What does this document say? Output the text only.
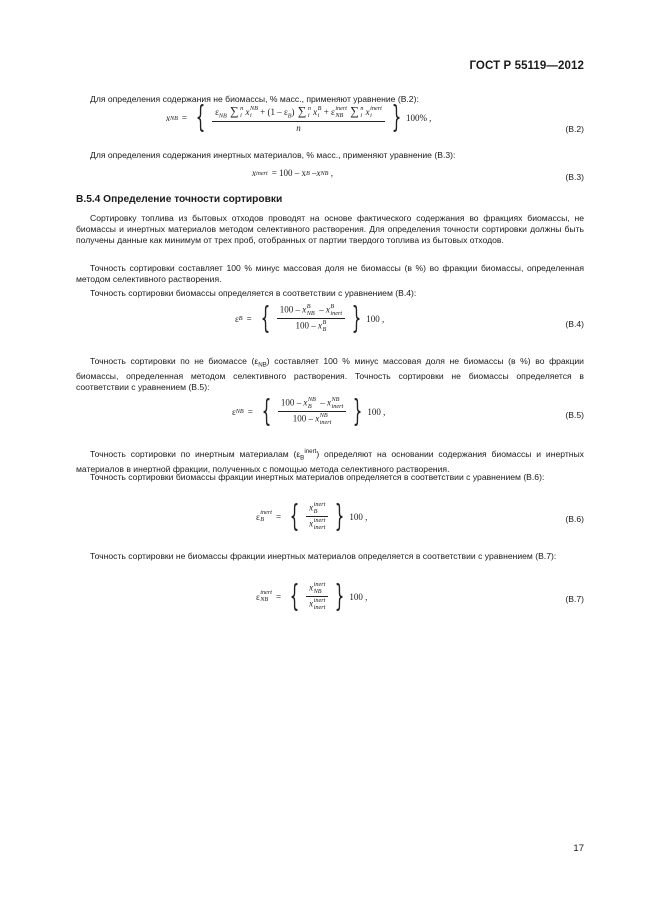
ГОСТ Р 55119—2012

Для определения содержания не биомассы, % масс., применяют уравнение (В.2):

x NB = {	$\varepsilon_{NB}$ ∑ n
i x NB
$i + (1 - \varepsilon_B)$ ∑ n
i x B
i + ε inert
NB ∑ n
i x inert
i
n	} 100% ,
(В.2)

Для определения содержания инертных материалов, % масс., применяют уравнение (В.3):

x inert = 100 – x B – x NB
,	(В.3)
В.5.4 Определение точности сортировки

Сортировку топлива из бытовых отходов проводят на основе фактического содержания во фракциях биомассы, не биомассы и инертных материалов методом селективного растворения. Для определения точности сортировки должны быть получены данные как минимум от трех проб, отобранных от партии твердого топлива из бытовых отходов.

Точность сортировки составляет 100 % минус массовая доля не биомассы (в %) во фракции биомассы, определенная методом селективного растворения.

Точность сортировки биомассы определяется в соответствии с уравнением (В.4):

ε B = { 100 – x B
NB – x B
inert
100 – x B
B } 100 ,
(В.4)

Точность сортировки по не биомассе $(\varepsilon_{NB})$ составляет 100 % минус массовая доля не биомассы (в %) во фракции биомассы, определенная методом селективного растворения. Точность сортировки не биомассы определяется в соответствии с уравнением (В.5):

ε NB = { 100 – x NB
B – x NB
inert
100 – x NB
inert } 100 ,	(В.5)

Точность сортировки по инертным материалам $(\varepsilon_B^{inert})$ определяют на основании содержания биомассы и инертных материалов в инертной фракции, полученных с помощью метода селективного растворения.

Точность сортировки биомассы фракции инертных материалов определяется в соответствии с уравнением (В.6):

ε inert
B	= { x inert
B
x inert
inert } 100 ,	(В.6)

Точность сортировки не биомассы фракции инертных материалов определяется в соответствии с уравнением (В.7):

ε inert
NB = { x inert
NB
x inert
inert } 100 ,	(В.7)
17
